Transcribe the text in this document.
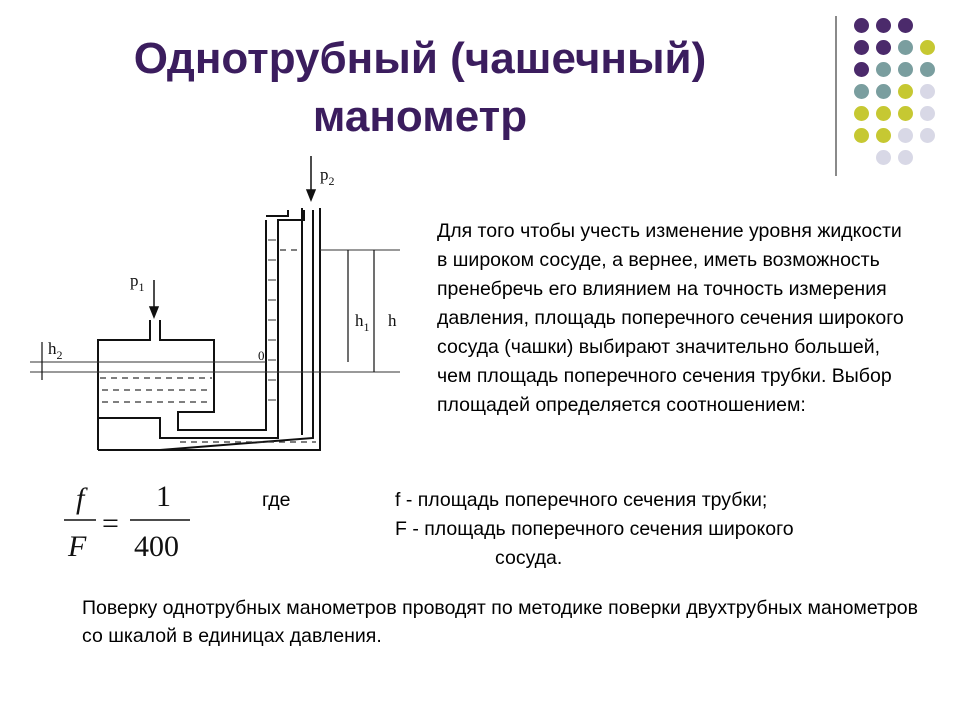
Однотрубный (чашечный)
манометр
$p_2$
$p_1$
$h_1$ h
$h_2$	0

Для того чтобы учесть изменение уровня жидкости в широком сосуде, а вернее, иметь возможность пренебречь его влиянием на точность измерения давления, площадь поперечного сечения широкого сосуда (чашки) выбирают значительно большей, чем площадь поперечного сечения трубки. Выбор площадей определяется соотношением:

f
F
=
1
400
где	f - площадь поперечного сечения трубки;
F - площадь поперечного сечения широкого
сосуда.

Поверку однотрубных манометров проводят по методике поверки двухтрубных манометров со шкалой в единицах давления.
